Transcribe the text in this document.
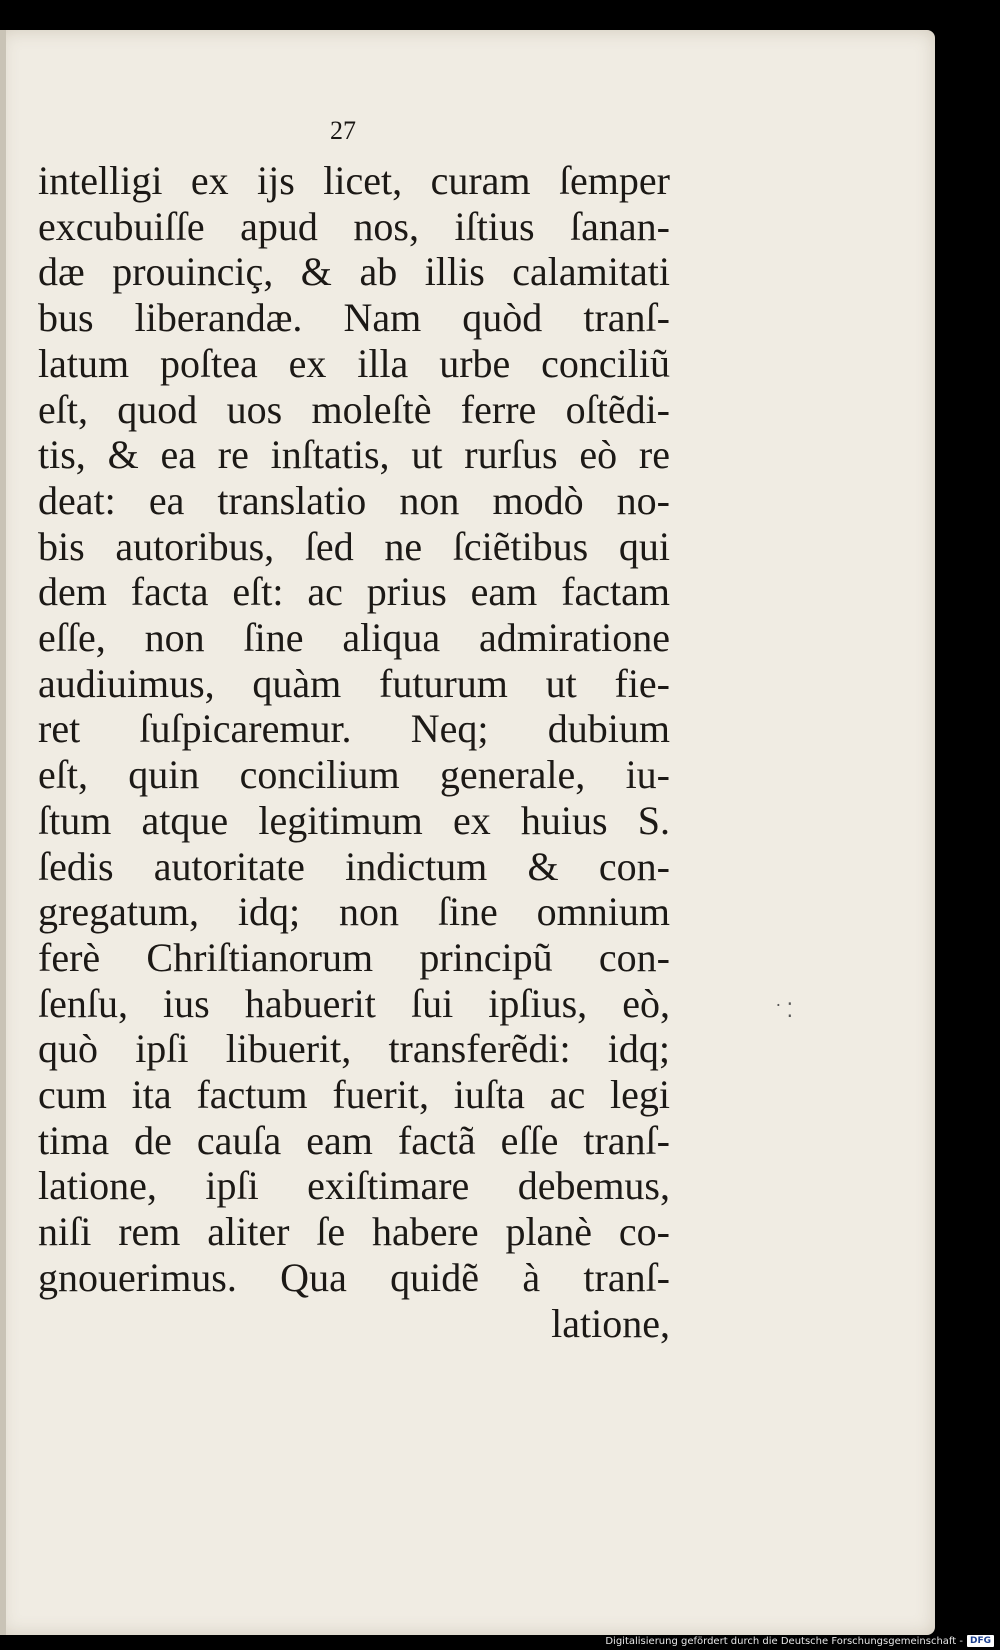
27
intelligi ex ijs licet, curam ſemper
excubuiſſe apud nos, iſtius ſanan-
dæ prouinciç, & ab illis calamitati
bus liberandæ. Nam quòd tranſ-
latum poſtea ex illa urbe conciliũ
eſt, quod uos moleſtè ferre oſtẽdi-
tis, & ea re inſtatis, ut rurſus eò re
deat: ea translatio non modò no-
bis autoribus, ſed ne ſciẽtibus qui
dem facta eſt: ac prius eam factam
eſſe, non ſine aliqua admiratione
audiuimus, quàm futurum ut fie-
ret ſuſpicaremur. Neq; dubium
eſt, quin concilium generale, iu-
ſtum atque legitimum ex huius S.
ſedis autoritate indictum & con-
gregatum, idq; non ſine omnium
ferè Chriſtianorum principũ con-
ſenſu, ius habuerit ſui ipſius, eò,
quò ipſi libuerit, transferẽdi: idq;
cum ita factum fuerit, iuſta ac legi
tima de cauſa eam factã eſſe tranſ-
latione, ipſi exiſtimare debemus,
niſi rem aliter ſe habere planè co-
gnouerimus. Qua quidẽ à tranſ-
latione,
˙ ⁚
Digitalisierung gefördert durch die Deutsche Forschungsgemeinschaft - DFG
